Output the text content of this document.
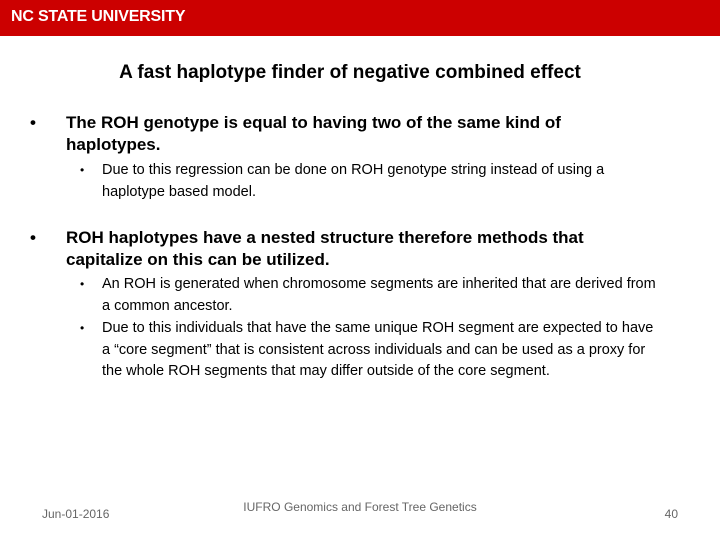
NC STATE UNIVERSITY
A fast haplotype finder of negative combined effect
• The ROH genotype is equal to having two of the same kind of haplotypes.
• Due to this regression can be done on ROH genotype string instead of using a haplotype based model.
• ROH haplotypes have a nested structure therefore methods that capitalize on this can be utilized.
• An ROH is generated when chromosome segments are inherited that are derived from a common ancestor.
• Due to this individuals that have the same unique ROH segment are expected to have a “core segment” that is consistent across individuals and can be used as a proxy for the whole ROH segments that may differ outside of the core segment.
Jun-01-2016	IUFRO Genomics and Forest Tree Genetics	40
